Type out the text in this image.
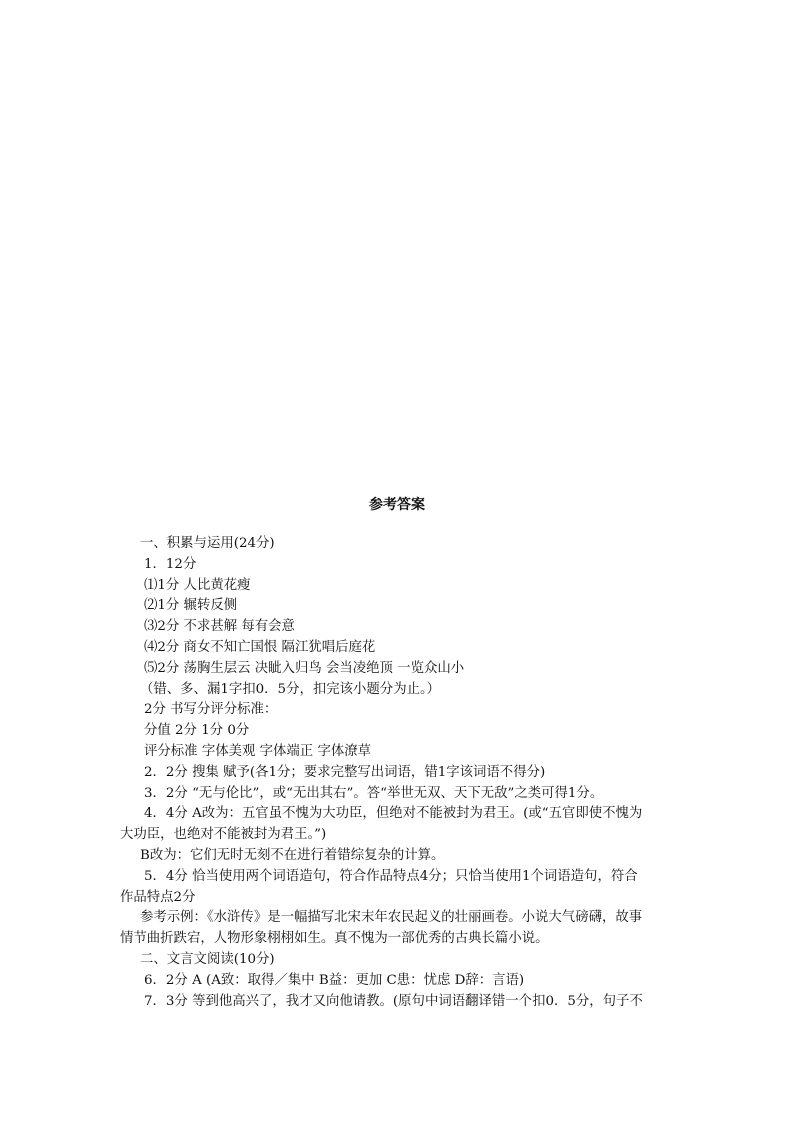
参考答案
一、积累与运用(24分)
1．12分
⑴1分 人比黄花瘦
⑵1分 辗转反侧
⑶2分 不求甚解 每有会意
⑷2分 商女不知亡国恨 隔江犹唱后庭花
⑸2分 荡胸生层云 决眦入归鸟 会当凌绝顶 一览众山小
（错、多、漏1字扣0．5分，扣完该小题分为止。）
2分 书写分评分标准：
分值 2分 1分 0分
评分标准 字体美观 字体端正 字体潦草
2．2分 搜集 赋予(各1分；要求完整写出词语，错1字该词语不得分)
3．2分 “无与伦比”，或“无出其右”。答“举世无双、天下无敌”之类可得1分。
4．4分 A改为：五官虽不愧为大功臣，但绝对不能被封为君王。(或“五官即使不愧为
大功臣，也绝对不能被封为君王。”)
B改为：它们无时无刻不在进行着错综复杂的计算。
5．4分 恰当使用两个词语造句，符合作品特点4分；只恰当使用1个词语造句，符合
作品特点2分
参考示例：《水浒传》是一幅描写北宋末年农民起义的壮丽画卷。小说大气磅礴，故事
情节曲折跌宕，人物形象栩栩如生。真不愧为一部优秀的古典长篇小说。
二、文言文阅读(10分)
6．2分 A (A致：取得／集中 B益：更加 C患：忧虑 D辞：言语)
7．3分 等到他高兴了，我才又向他请教。(原句中词语翻译错一个扣0．5分，句子不
